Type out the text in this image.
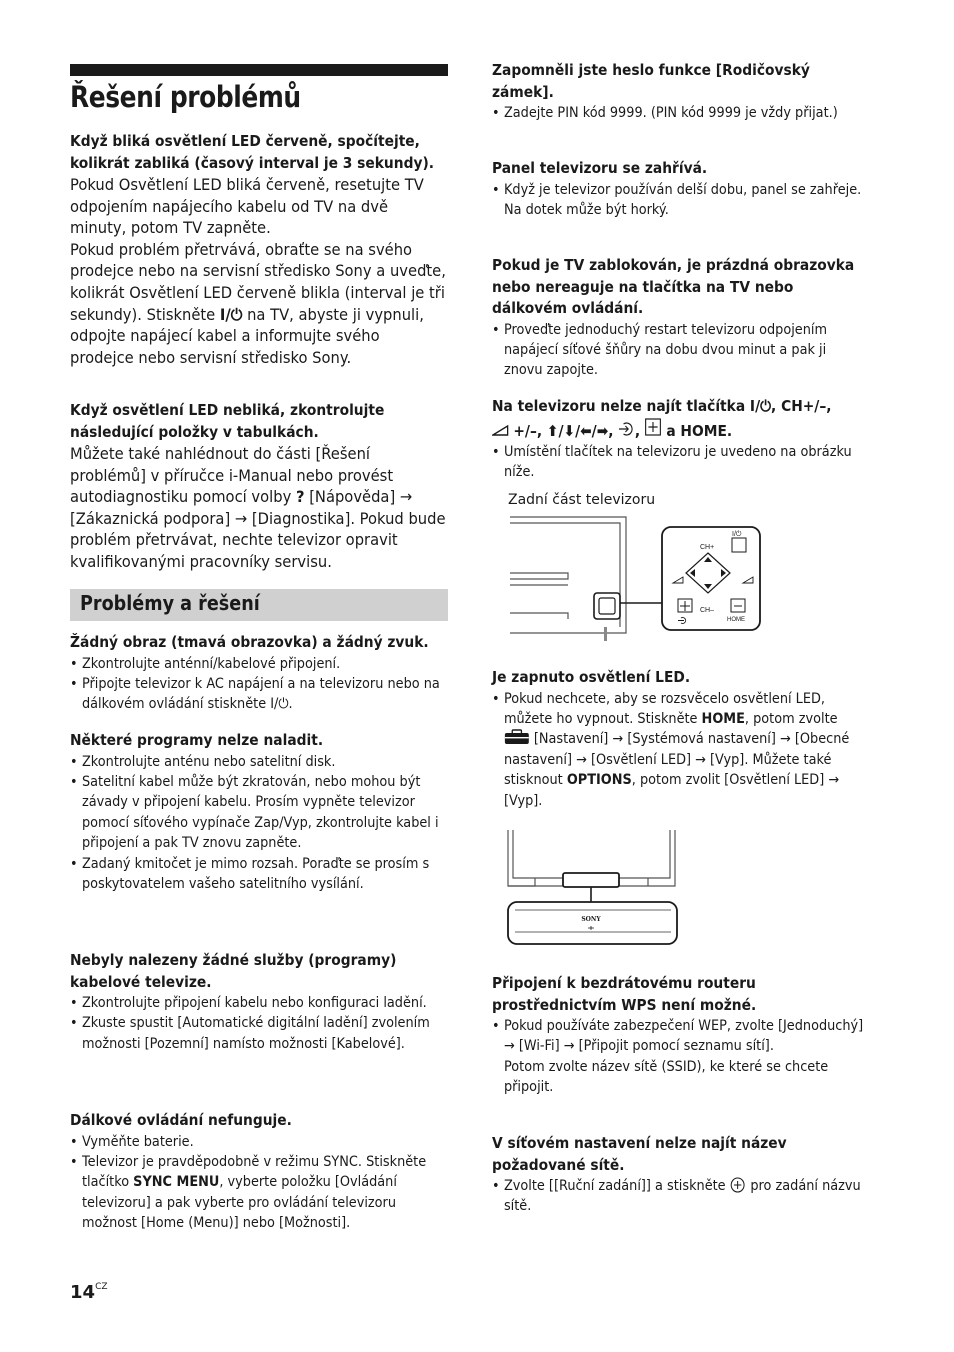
Řešení problémů

Když bliká osvětlení LED červeně, spočítejte, kolikrát zabliká (časový interval je 3 sekundy).

Pokud Osvětlení LED bliká červeně, resetujte TV odpojením napájecího kabelu od TV na dvě minuty, potom TV zapněte.

Pokud problém přetrvává, obraťte se na svého prodejce nebo na servisní středisko Sony a uveďte, kolikrát Osvětlení LED červeně blikla (interval je tři sekundy). Stiskněte I/⏻ na TV, abyste ji vypnuli, odpojte napájecí kabel a informujte svého prodejce nebo servisní středisko Sony.

Když osvětlení LED nebliká, zkontrolujte následující položky v tabulkách.

Můžete také nahlédnout do části [Řešení problémů] v příručce i-Manual nebo provést autodiagnostiku pomocí volby ? [Nápověda] → [Zákaznická podpora] → [Diagnostika]. Pokud bude problém přetrvávat, nechte televizor opravit kvalifikovanými pracovníky servisu.

Problémy a řešení

Žádný obraz (tmavá obrazovka) a žádný zvuk.

• Zkontrolujte anténní/kabelové připojení.
• Připojte televizor k AC napájení a na televizoru nebo na dálkovém ovládání stiskněte I/⏻.

Některé programy nelze naladit.

• Zkontrolujte anténu nebo satelitní disk.
• Satelitní kabel může být zkratován, nebo mohou být závady v připojení kabelu. Prosím vypněte televizor pomocí síťového vypínače Zap/Vyp, zkontrolujte kabel i připojení a pak TV znovu zapněte.
• Zadaný kmitočet je mimo rozsah. Poraďte se prosím s poskytovatelem vašeho satelitního vysílání.

Nebyly nalezeny žádné služby (programy) kabelové televize.

• Zkontrolujte připojení kabelu nebo konfiguraci ladění.
• Zkuste spustit [Automatické digitální ladění] zvolením možnosti [Pozemní] namísto možnosti [Kabelové].

Dálkové ovládání nefunguje.

• Vyměňte baterie.
• Televizor je pravděpodobně v režimu SYNC. Stiskněte tlačítko SYNC MENU, vyberte položku [Ovládání televizoru] a pak vyberte pro ovládání televizoru možnost [Home (Menu)] nebo [Možnosti].
$14^{CZ}$

Zapomněli jste heslo funkce [Rodičovský zámek].

• Zadejte PIN kód 9999. (PIN kód 9999 je vždy přijat.)

Panel televizoru se zahřívá.

• Když je televizor používán delší dobu, panel se zahřeje.
Na dotek může být horký.

Pokud je TV zablokován, je prázdná obrazovka nebo nereaguje na tlačítka na TV nebo dálkovém ovládání.

• Proveďte jednoduchý restart televizoru odpojením napájecí síťové šňůry na dobu dvou minut a pak ji znovu zapojte.

Na televizoru nelze najít tlačítka I/⏻, CH+/–,
+/–, ⬆/⬇/⬅/➡, ,  a HOME.

• Umístění tlačítek na televizoru je uvedeno na obrázku níže.
Zadní část televizoru
CH+
CH–
I/⏻
HOME

Je zapnuto osvětlení LED.

• Pokud nechcete, aby se rozsvěcelo osvětlení LED, můžete ho vypnout. Stiskněte HOME, potom zvolte  [Nastavení] → [Systémová nastavení] → [Obecné nastavení] → [Osvětlení LED] → [Vyp]. Můžete také stisknout OPTIONS, potom zvolit [Osvětlení LED] → [Vyp].
SONY

Připojení k bezdrátovému routeru prostřednictvím WPS není možné.

• Pokud používáte zabezpečení WEP, zvolte [Jednoduchý] → [Wi-Fi] → [Připojit pomocí seznamu sítí].
Potom zvolte název sítě (SSID), ke které se chcete připojit.

V síťovém nastavení nelze najít název požadované sítě.

• Zvolte [[Ruční zadání]] a stiskněte  pro zadání názvu sítě.
